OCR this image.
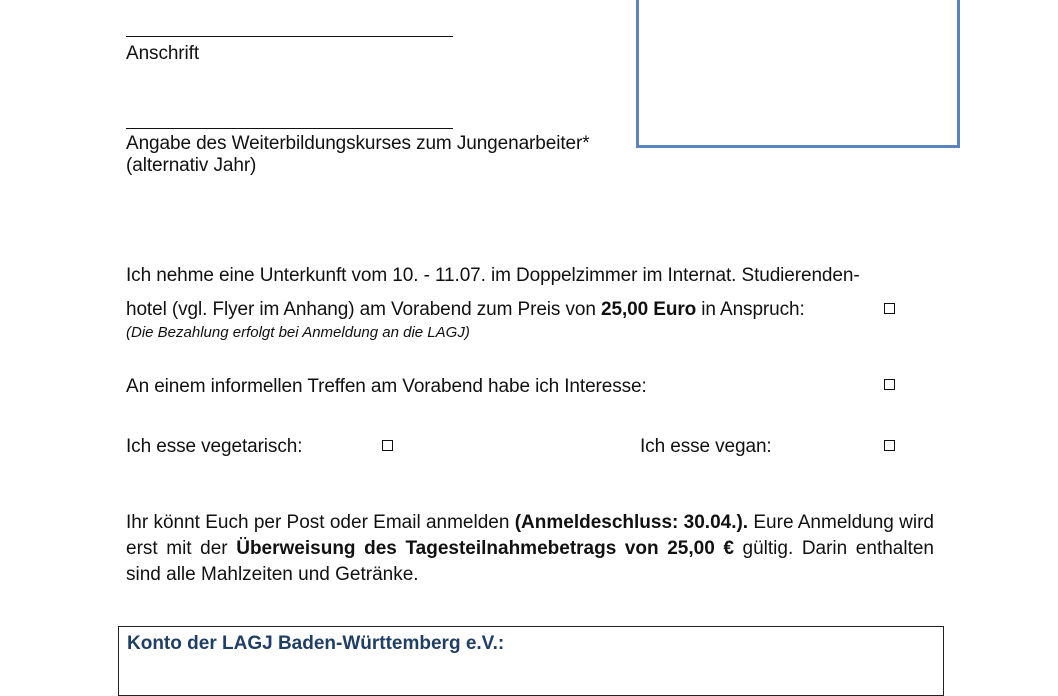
Anschrift
Angabe des Weiterbildungskurses zum Jungenarbeiter*
(alternativ Jahr)
Ich nehme eine Unterkunft vom 10. - 11.07. im Doppelzimmer im Internat. Studierenden-
hotel (vgl. Flyer im Anhang) am Vorabend zum Preis von 25,00 Euro in Anspruch:
(Die Bezahlung erfolgt bei Anmeldung an die LAGJ)
An einem informellen Treffen am Vorabend habe ich Interesse:
Ich esse vegetarisch:	Ich esse vegan:
Ihr könnt Euch per Post oder Email anmelden (Anmeldeschluss: 30.04.). Eure Anmeldung wird erst mit der Überweisung des Tagesteilnahmebetrags von 25,00 € gültig. Darin enthalten sind alle Mahlzeiten und Getränke.
Konto der LAGJ Baden-Württemberg e.V.:
